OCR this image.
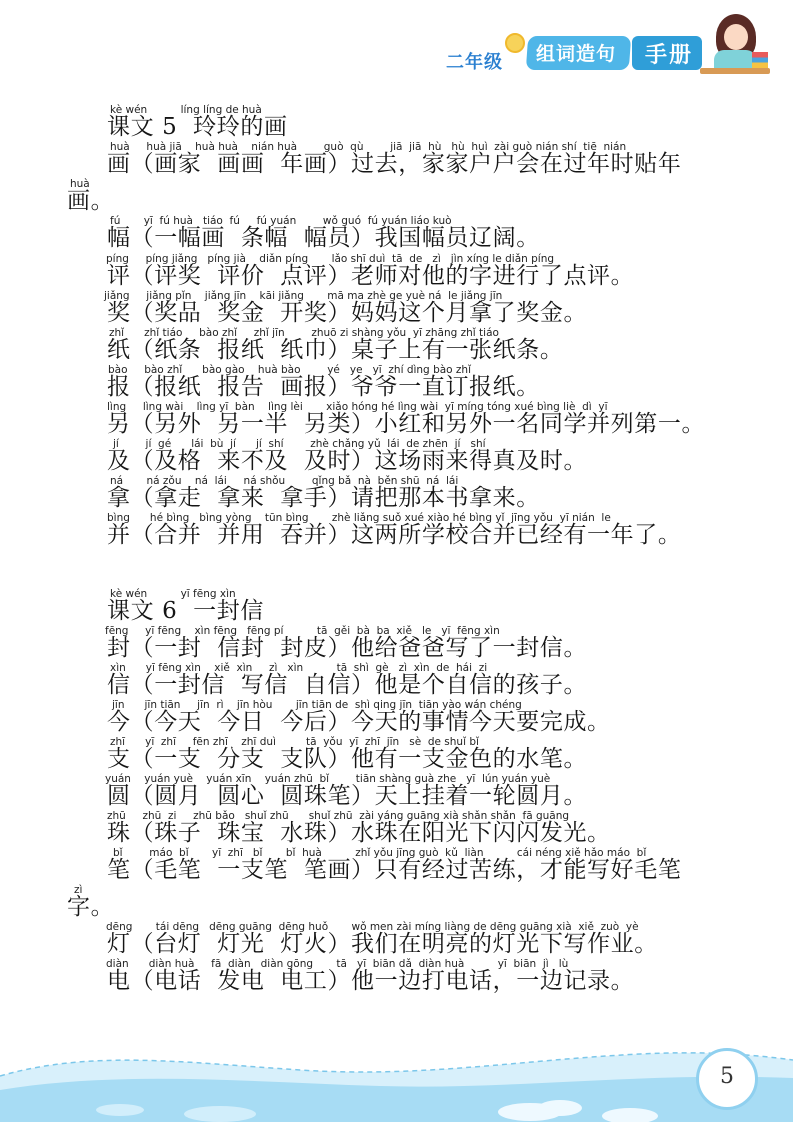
二年级 组词造句 手册
kè wén          líng líng de huà
课文 5  玲玲的画
huà     huà jiā    huà huà    nián huà        guò  qù        jiā  jiā  hù   hù  huì  zài guò nián shí  tiē  nián
画（画家  画画  年画）过去，家家户户会在过年时贴年
huà
画。
fú       yī  fú huà   tiáo  fú     fú yuán        wǒ guó  fú yuán liáo kuò
幅（一幅画  条幅  幅员）我国幅员辽阔。
píng     píng jiǎng   píng jià    diǎn píng       lǎo shī duì  tā  de   zì   jìn xíng le diǎn píng
评（评奖  评价  点评）老师对他的字进行了点评。
jiǎng     jiǎng pǐn    jiǎng jīn    kāi jiǎng       mā ma zhè ge yuè ná  le jiǎng jīn
奖（奖品  奖金  开奖）妈妈这个月拿了奖金。
zhǐ      zhǐ tiáo     bào zhǐ     zhǐ jīn        zhuō zi shàng yǒu  yī zhāng zhǐ tiáo
纸（纸条  报纸  纸巾）桌子上有一张纸条。
bào     bào zhǐ      bào gào    huà bào        yé   ye   yī  zhí dìng bào zhǐ
报（报纸  报告  画报）爷爷一直订报纸。
lìng     lìng wài    lìng yī  bàn    lìng lèi       xiǎo hóng hé lìng wài  yī míng tóng xué bìng liè  dì  yī
另（另外  另一半  另类）小红和另外一名同学并列第一。
jí        jí  gé      lái  bù  jí      jí  shí        zhè chǎng yǔ  lái  de zhēn  jí   shí
及（及格  来不及  及时）这场雨来得真及时。
ná       ná zǒu    ná  lái     ná shǒu        qǐng bǎ  nà  běn shū  ná  lái
拿（拿走  拿来  拿手）请把那本书拿来。
bìng      hé bìng   bìng yòng    tūn bìng       zhè liǎng suǒ xué xiào hé bìng yǐ  jīng yǒu  yī nián  le
并（合并  并用  吞并）这两所学校合并已经有一年了。
kè wén          yī fēng xìn
课文 6  一封信
fēng     yī fēng    xìn fēng   fēng pí          tā  gěi  bà  ba  xiě   le   yī  fēng xìn
封（一封  信封  封皮）他给爸爸写了一封信。
xìn      yī fēng xìn    xiě  xìn     zì   xìn          tā  shì  gè   zì  xìn  de  hái  zi
信（一封信  写信  自信）他是个自信的孩子。
jīn      jīn tiān     jīn  rì    jīn hòu       jīn tiān de  shì qing jīn  tiān yào wán chéng
今（今天  今日  今后）今天的事情今天要完成。
zhī      yī  zhī     fēn zhī    zhī duì         tā  yǒu  yī  zhī  jīn   sè  de shuǐ bǐ
支（一支  分支  支队）他有一支金色的水笔。
yuán    yuán yuè    yuán xīn    yuán zhū  bǐ        tiān shàng guà zhe   yī  lún yuán yuè
圆（圆月  圆心  圆珠笔）天上挂着一轮圆月。
zhū     zhū  zi     zhū bǎo   shuǐ zhū      shuǐ zhū  zài yáng guāng xià shǎn shǎn  fā guāng
珠（珠子  珠宝  水珠）水珠在阳光下闪闪发光。
bǐ        máo  bǐ       yī  zhī   bǐ       bǐ  huà          zhǐ yǒu jīng guò  kǔ  liàn          cái néng xiě hǎo máo  bǐ
笔（毛笔  一支笔  笔画）只有经过苦练，才能写好毛笔
zì
字。
dēng       tái dēng   dēng guāng  dēng huǒ       wǒ men zài míng liàng de dēng guāng xià  xiě  zuò  yè
灯（台灯  灯光  灯火）我们在明亮的灯光下写作业。
diàn      diàn huà     fā  diàn   diàn gōng       tā   yī  biān dǎ  diàn huà          yī  biān  jì   lù
电（电话  发电  电工）他一边打电话，一边记录。
5
